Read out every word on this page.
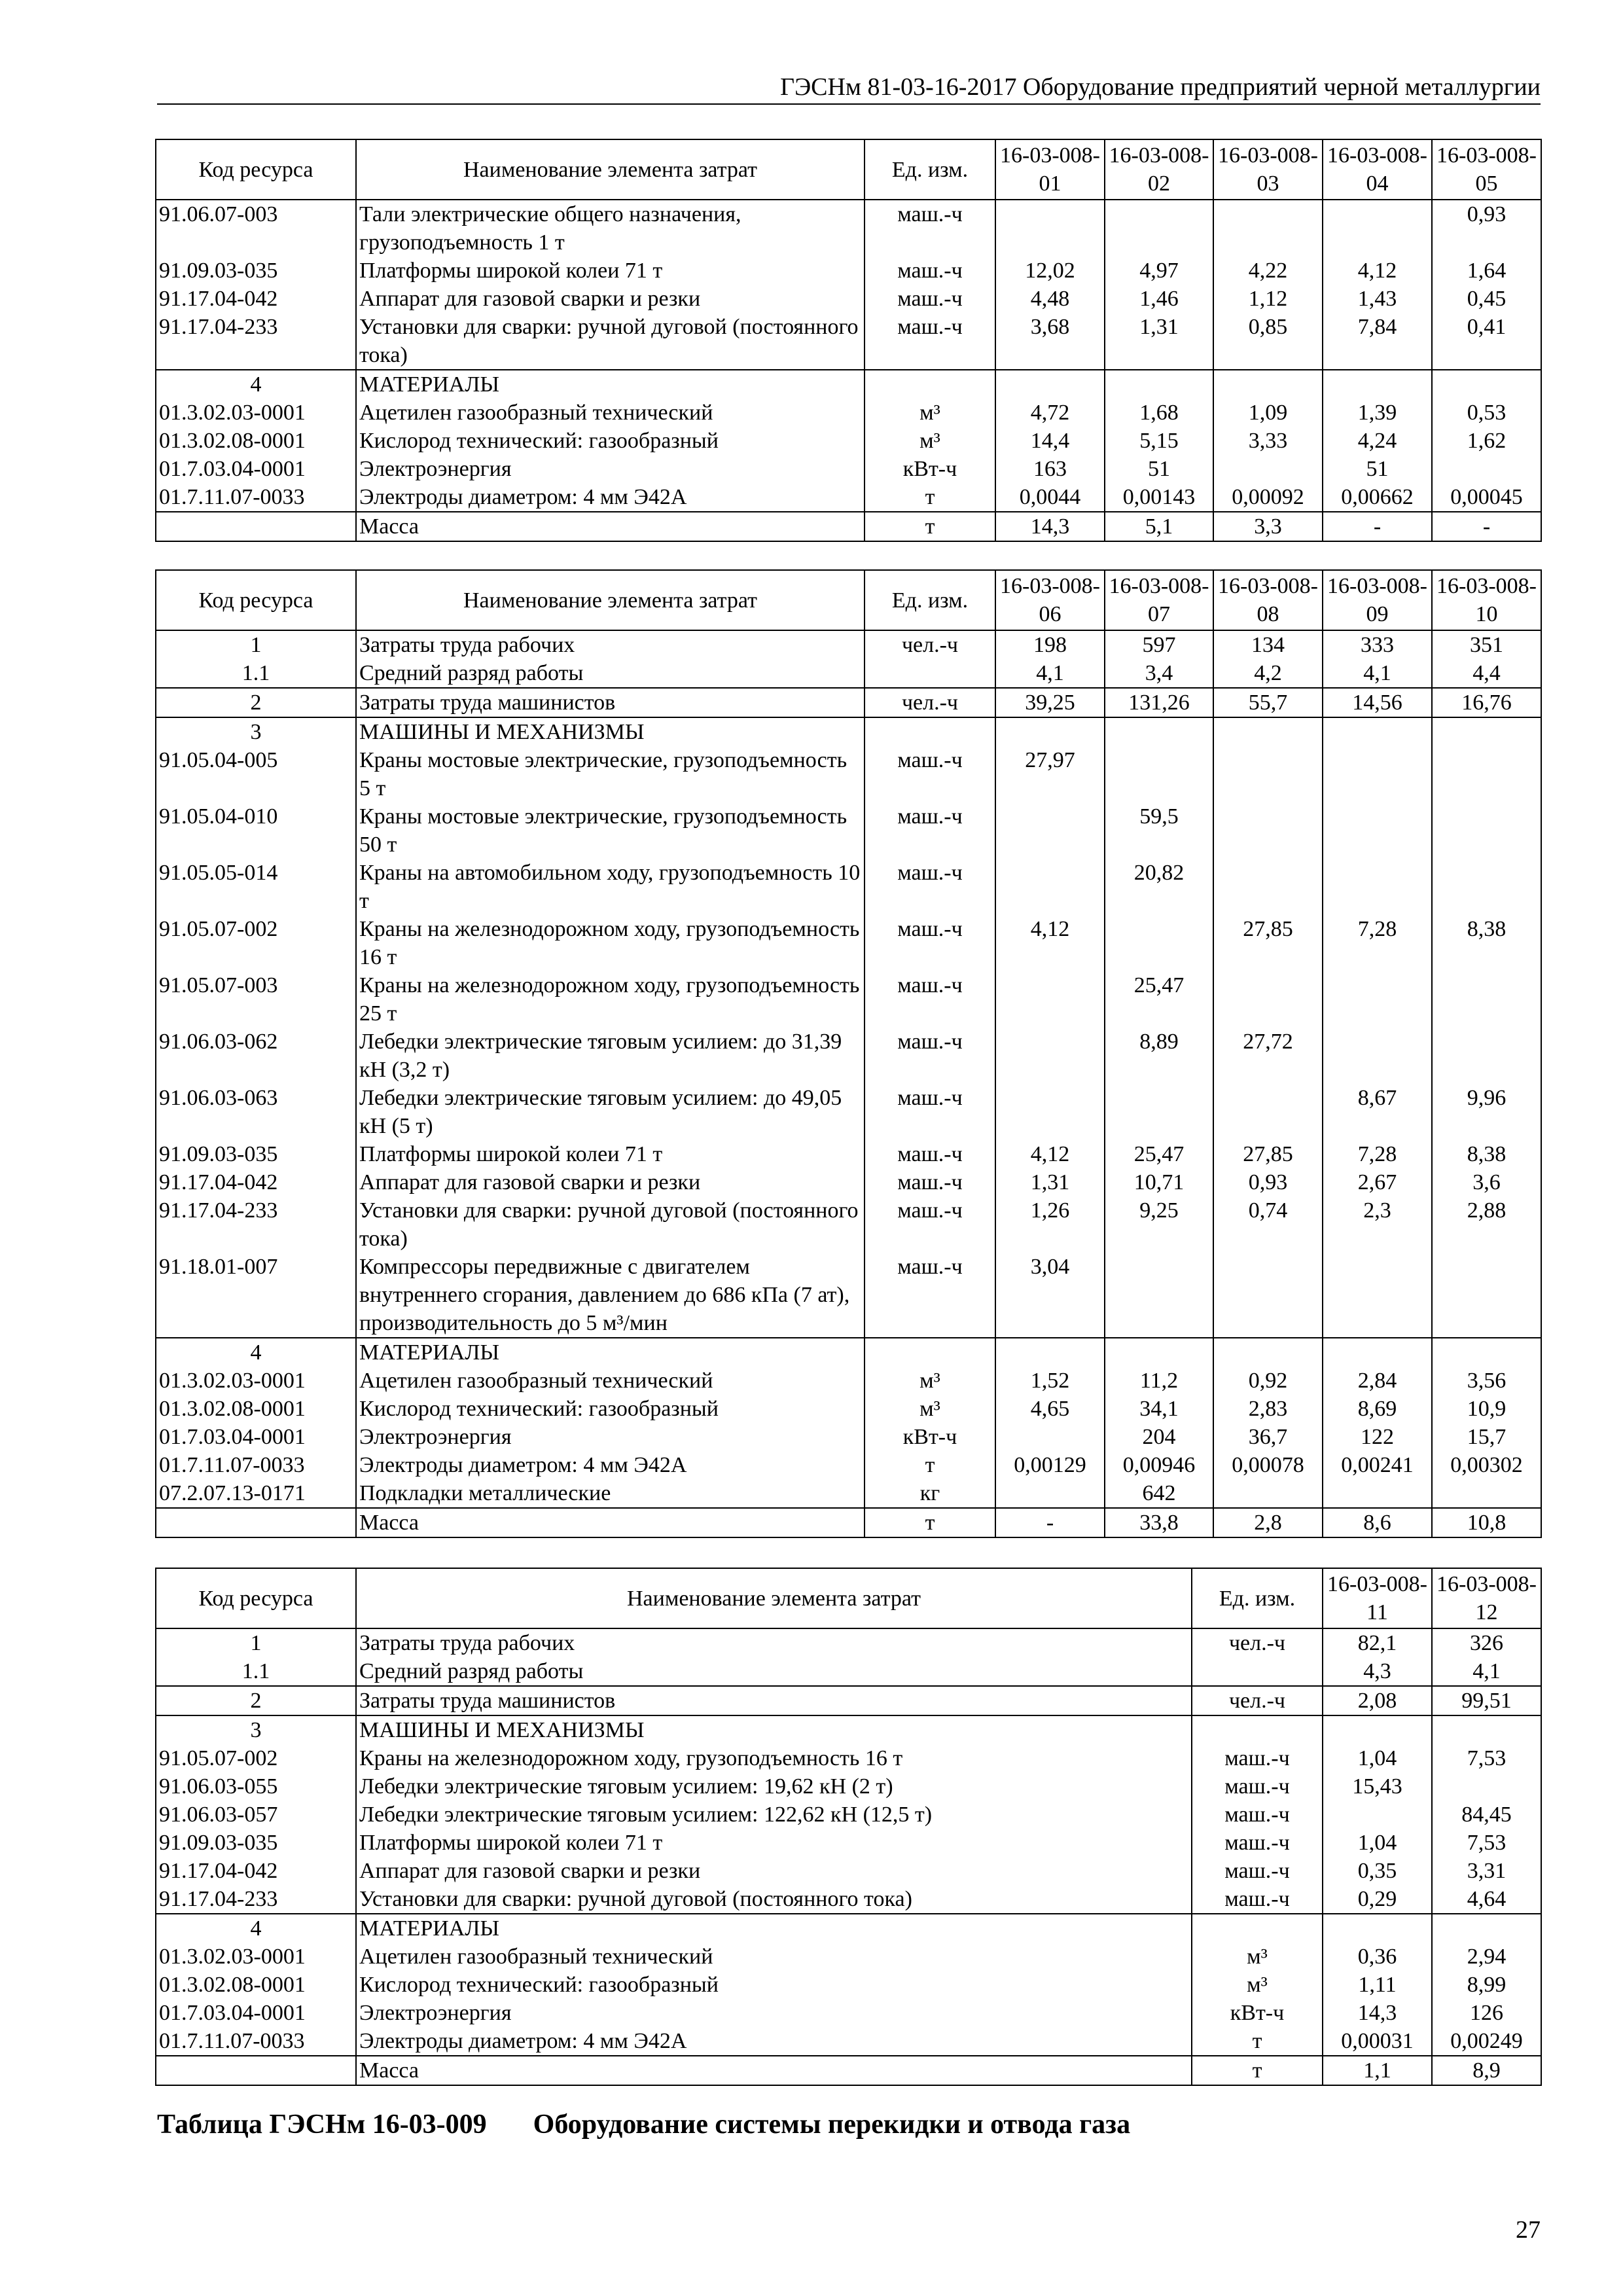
ГЭСНм 81-03-16-2017 Оборудование предприятий черной металлургии
Код ресурса	Наименование элемента затрат	Ед. изм.	16-03-008-01	16-03-008-02	16-03-008-03	16-03-008-04	16-03-008-05
91.06.07-003	Тали электрические общего назначения, грузоподъемность 1 т	маш.-ч					0,93
91.09.03-035	Платформы широкой колеи 71 т	маш.-ч	12,02	4,97	4,22	4,12	1,64
91.17.04-042	Аппарат для газовой сварки и резки	маш.-ч	4,48	1,46	1,12	1,43	0,45
91.17.04-233	Установки для сварки: ручной дуговой (постоянного тока)	маш.-ч	3,68	1,31	0,85	7,84	0,41
4	МАТЕРИАЛЫ						
01.3.02.03-0001	Ацетилен газообразный технический	м³	4,72	1,68	1,09	1,39	0,53
01.3.02.08-0001	Кислород технический: газообразный	м³	14,4	5,15	3,33	4,24	1,62
01.7.03.04-0001	Электроэнергия	кВт-ч	163	51		51	
01.7.11.07-0033	Электроды диаметром: 4 мм Э42А	т	0,0044	0,00143	0,00092	0,00662	0,00045
	Масса	т	14,3	5,1	3,3	-	-
Код ресурса	Наименование элемента затрат	Ед. изм.	16-03-008-06	16-03-008-07	16-03-008-08	16-03-008-09	16-03-008-10
1	Затраты труда рабочих	чел.-ч	198	597	134	333	351
1.1	Средний разряд работы		4,1	3,4	4,2	4,1	4,4
2	Затраты труда машинистов	чел.-ч	39,25	131,26	55,7	14,56	16,76
3	МАШИНЫ И МЕХАНИЗМЫ						
91.05.04-005	Краны мостовые электрические, грузоподъемность 5 т	маш.-ч	27,97				
91.05.04-010	Краны мостовые электрические, грузоподъемность 50 т	маш.-ч		59,5			
91.05.05-014	Краны на автомобильном ходу, грузоподъемность 10 т	маш.-ч		20,82			
91.05.07-002	Краны на железнодорожном ходу, грузоподъемность 16 т	маш.-ч	4,12		27,85	7,28	8,38
91.05.07-003	Краны на железнодорожном ходу, грузоподъемность 25 т	маш.-ч		25,47			
91.06.03-062	Лебедки электрические тяговым усилием: до 31,39 кН (3,2 т)	маш.-ч		8,89	27,72		
91.06.03-063	Лебедки электрические тяговым усилием: до 49,05 кН (5 т)	маш.-ч				8,67	9,96
91.09.03-035	Платформы широкой колеи 71 т	маш.-ч	4,12	25,47	27,85	7,28	8,38
91.17.04-042	Аппарат для газовой сварки и резки	маш.-ч	1,31	10,71	0,93	2,67	3,6
91.17.04-233	Установки для сварки: ручной дуговой (постоянного тока)	маш.-ч	1,26	9,25	0,74	2,3	2,88
91.18.01-007	Компрессоры передвижные с двигателем внутреннего сгорания, давлением до 686 кПа (7 ат), производительность до 5 м³/мин	маш.-ч	3,04				
4	МАТЕРИАЛЫ						
01.3.02.03-0001	Ацетилен газообразный технический	м³	1,52	11,2	0,92	2,84	3,56
01.3.02.08-0001	Кислород технический: газообразный	м³	4,65	34,1	2,83	8,69	10,9
01.7.03.04-0001	Электроэнергия	кВт-ч		204	36,7	122	15,7
01.7.11.07-0033	Электроды диаметром: 4 мм Э42А	т	0,00129	0,00946	0,00078	0,00241	0,00302
07.2.07.13-0171	Подкладки металлические	кг		642			
	Масса	т	-	33,8	2,8	8,6	10,8
Код ресурса	Наименование элемента затрат	Ед. изм.	16-03-008-11	16-03-008-12
1	Затраты труда рабочих	чел.-ч	82,1	326
1.1	Средний разряд работы		4,3	4,1
2	Затраты труда машинистов	чел.-ч	2,08	99,51
3	МАШИНЫ И МЕХАНИЗМЫ			
91.05.07-002	Краны на железнодорожном ходу, грузоподъемность 16 т	маш.-ч	1,04	7,53
91.06.03-055	Лебедки электрические тяговым усилием: 19,62 кН (2 т)	маш.-ч	15,43	
91.06.03-057	Лебедки электрические тяговым усилием: 122,62 кН (12,5 т)	маш.-ч		84,45
91.09.03-035	Платформы широкой колеи 71 т	маш.-ч	1,04	7,53
91.17.04-042	Аппарат для газовой сварки и резки	маш.-ч	0,35	3,31
91.17.04-233	Установки для сварки: ручной дуговой (постоянного тока)	маш.-ч	0,29	4,64
4	МАТЕРИАЛЫ			
01.3.02.03-0001	Ацетилен газообразный технический	м³	0,36	2,94
01.3.02.08-0001	Кислород технический: газообразный	м³	1,11	8,99
01.7.03.04-0001	Электроэнергия	кВт-ч	14,3	126
01.7.11.07-0033	Электроды диаметром: 4 мм Э42А	т	0,00031	0,00249
	Масса	т	1,1	8,9
Таблица ГЭСНм 16-03-009 Оборудование системы перекидки и отвода газа
27
